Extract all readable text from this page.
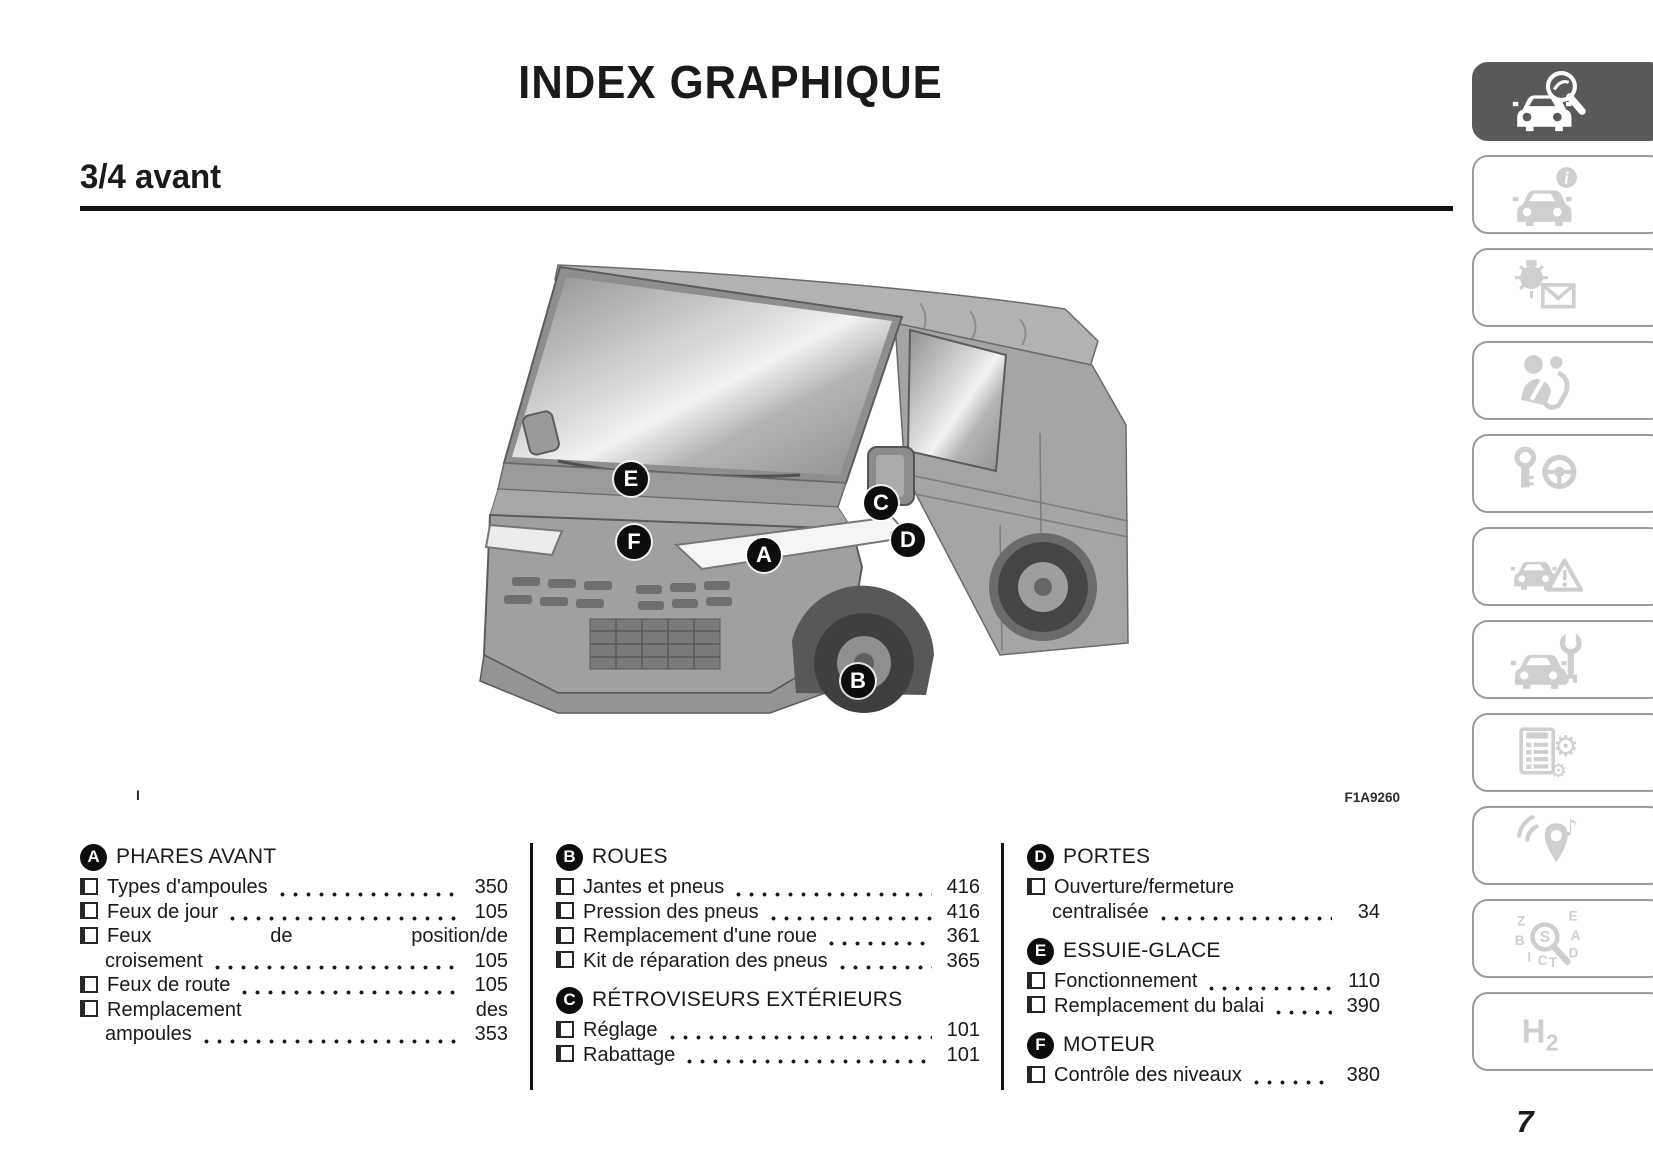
INDEX GRAPHIQUE
3/4 avant
A
B
C
D
E
F
I	F1A9260
A PHARES AVANT
Types d'ampoules	350
Feux de jour	105
Feux de position/de
croisement	105
Feux de route	105
Remplacement des
ampoules	353
B ROUES
Jantes et pneus	416
Pression des pneus	416
Remplacement d'une roue	361
Kit de réparation des pneus	365
C RÉTROVISEURS EXTÉRIEURS
Réglage	101
Rabattage	101
D PORTES
Ouverture/fermeture
centralisée	34
E ESSUIE-GLACE
Fonctionnement	110
Remplacement du balai	390
F MOTEUR
Contrôle des niveaux	380
i
⚙
⚙
♪
Z	E
B	A
I C T
D
S
H 2
7
